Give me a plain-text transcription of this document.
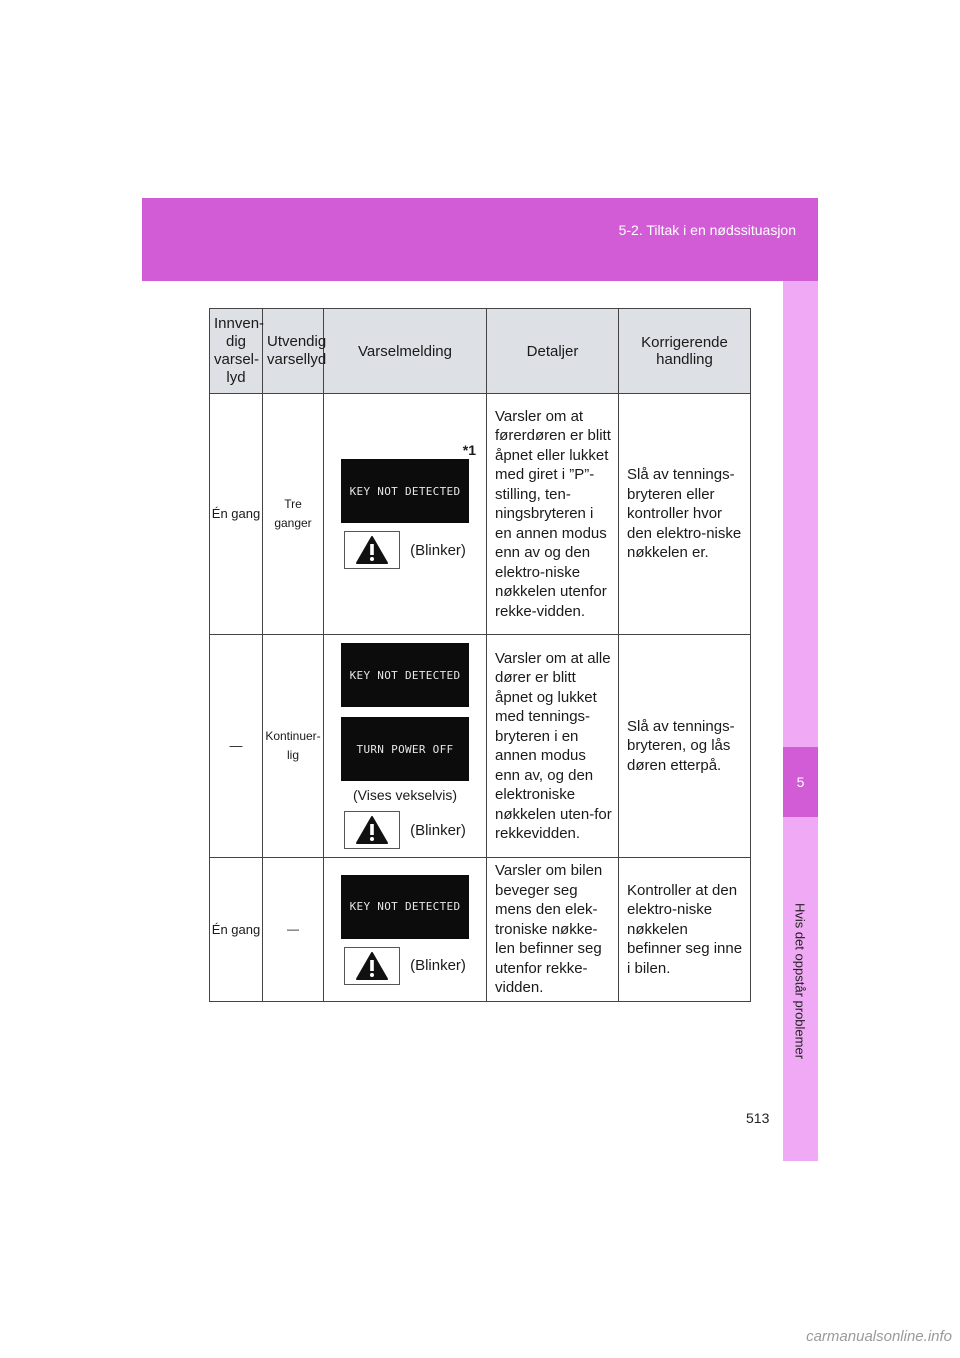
5-2. Tiltak i en nødssituasjon
5
Hvis det oppstår problemer
Innven-dig varsel-lyd	Utvendig varsellyd	Varselmelding	Detaljer	Korrigerende handling
Én gang	Tre ganger	*1
KEY NOT DETECTED
(Blinker)	Varsler om at førerdøren er blitt åpnet eller lukket med giret i ”P”-stilling, ten-ningsbryteren i en annen modus enn av og den elektro-niske nøkkelen utenfor rekke-vidden.	Slå av tennings-bryteren eller kontroller hvor den elektro-niske nøkkelen er.
—	Kontinuer-lig	KEY NOT DETECTED
TURN POWER OFF
(Vises vekselvis)
(Blinker)	Varsler om at alle dører er blitt åpnet og lukket med tennings-bryteren i en annen modus enn av, og den elektroniske nøkkelen uten-for rekkevidden.	Slå av tennings-bryteren, og lås døren etterpå.
Én gang	—	KEY NOT DETECTED
(Blinker)	Varsler om bilen beveger seg mens den elek-troniske nøkke-len befinner seg utenfor rekke-vidden.	Kontroller at den elektro-niske nøkkelen befinner seg inne i bilen.
513
carmanualsonline.info
